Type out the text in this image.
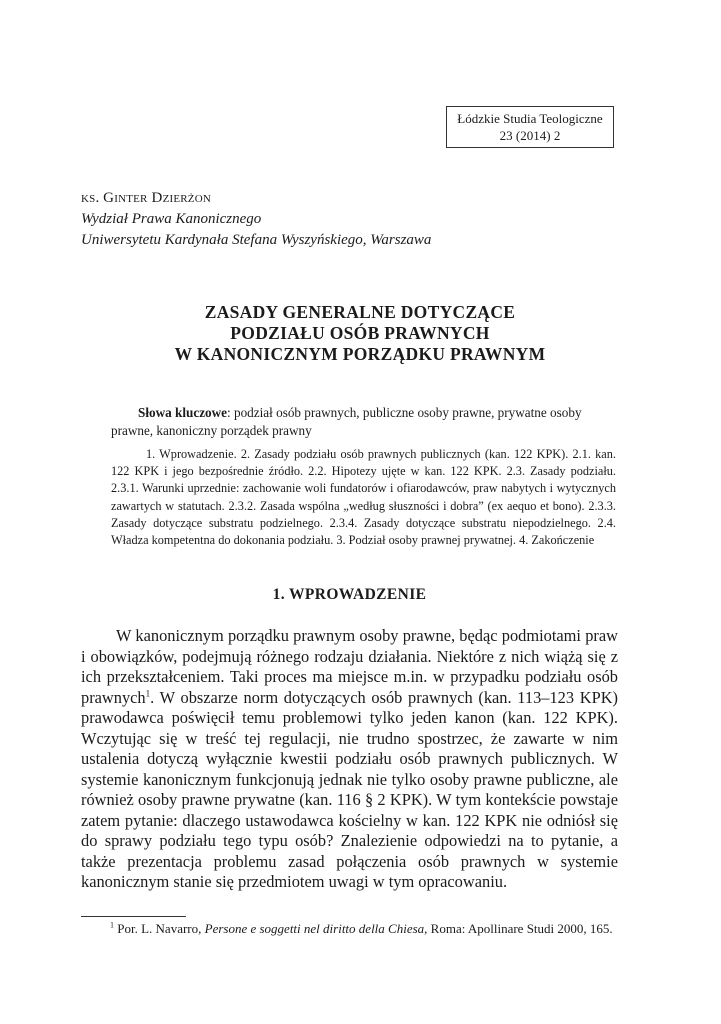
Łódzkie Studia Teologiczne
23 (2014) 2
ks. Ginter Dzierżon
Wydział Prawa Kanonicznego
Uniwersytetu Kardynała Stefana Wyszyńskiego, Warszawa
ZASADY GENERALNE DOTYCZĄCE
PODZIAŁU OSÓB PRAWNYCH
W KANONICZNYM PORZĄDKU PRAWNYM
Słowa kluczowe: podział osób prawnych, publiczne osoby prawne, prywatne osoby prawne, kanoniczny porządek prawny

1. Wprowadzenie. 2. Zasady podziału osób prawnych publicznych (kan. 122 KPK). 2.1. kan. 122 KPK i jego bezpośrednie źródło. 2.2. Hipotezy ujęte w kan. 122 KPK. 2.3. Zasady podziału. 2.3.1. Warunki uprzednie: zachowanie woli fundatorów i ofiarodawców, praw nabytych i wytycznych zawartych w statutach. 2.3.2. Zasada wspólna „według słuszności i dobra” (ex aequo et bono). 2.3.3. Zasady dotyczące substratu podzielnego. 2.3.4. Zasady dotyczące substratu niepodzielnego. 2.4. Władza kompetentna do dokonania podziału. 3. Podział osoby prawnej prywatnej. 4. Zakończenie

1. WPROWADZENIE

W kanonicznym porządku prawnym osoby prawne, będąc podmiotami praw i obowiązków, podejmują różnego rodzaju działania. Niektóre z nich wiążą się z ich przekształceniem. Taki proces ma miejsce m.in. w przypadku podziału osób prawnych$^1$. W obszarze norm dotyczących osób prawnych (kan. 113–123 KPK) prawodawca poświęcił temu problemowi tylko jeden kanon (kan. 122 KPK). Wczytując się w treść tej regulacji, nie trudno spostrzec, że zawarte w nim ustalenia dotyczą wyłącznie kwestii podziału osób prawnych publicznych. W systemie kanonicznym funkcjonują jednak nie tylko osoby prawne publiczne, ale również osoby prawne prywatne (kan. 116 § 2 KPK). W tym kontekście powstaje zatem pytanie: dlaczego ustawodawca kościelny w kan. 122 KPK nie odniósł się do sprawy podziału tego typu osób? Znalezienie odpowiedzi na to pytanie, a także prezentacja problemu zasad połączenia osób prawnych w systemie kanonicznym stanie się przedmiotem uwagi w tym opracowaniu.

$^1$ Por. L. Navarro, Persone e soggetti nel diritto della Chiesa, Roma: Apollinare Studi 2000, 165.
